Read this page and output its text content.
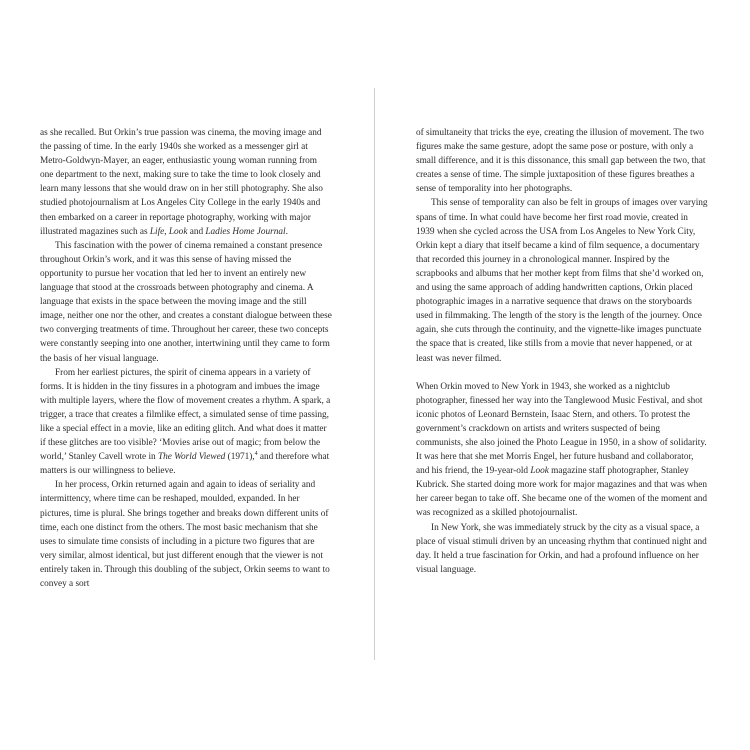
as she recalled. But Orkin’s true passion was cinema, the moving image and the passing of time. In the early 1940s she worked as a messenger girl at Metro-Goldwyn-Mayer, an eager, enthusiastic young woman running from one department to the next, making sure to take the time to look closely and learn many lessons that she would draw on in her still photography. She also studied photojournalism at Los Angeles City College in the early 1940s and then embarked on a career in reportage photography, working with major illustrated magazines such as Life, Look and Ladies Home Journal.

This fascination with the power of cinema remained a constant presence throughout Orkin’s work, and it was this sense of having missed the opportunity to pursue her vocation that led her to invent an entirely new language that stood at the crossroads between photography and cinema. A language that exists in the space between the moving image and the still image, neither one nor the other, and creates a constant dialogue between these two converging treatments of time. Throughout her career, these two concepts were constantly seeping into one another, intertwining until they came to form the basis of her visual language.

From her earliest pictures, the spirit of cinema appears in a variety of forms. It is hidden in the tiny fissures in a photogram and imbues the image with multiple layers, where the flow of movement creates a rhythm. A spark, a trigger, a trace that creates a filmlike effect, a simulated sense of time passing, like a special effect in a movie, like an editing glitch. And what does it matter if these glitches are too visible? ‘Movies arise out of magic; from below the world,’ Stanley Cavell wrote in The World Viewed (1971),$^4$ and therefore what matters is our willingness to believe.

In her process, Orkin returned again and again to ideas of seriality and intermittency, where time can be reshaped, moulded, expanded. In her pictures, time is plural. She brings together and breaks down different units of time, each one distinct from the others. The most basic mechanism that she uses to simulate time consists of including in a picture two figures that are very similar, almost identical, but just different enough that the viewer is not entirely taken in. Through this doubling of the subject, Orkin seems to want to convey a sort

of simultaneity that tricks the eye, creating the illusion of movement. The two figures make the same gesture, adopt the same pose or posture, with only a small difference, and it is this dissonance, this small gap between the two, that creates a sense of time. The simple juxtaposition of these figures breathes a sense of temporality into her photographs.

This sense of temporality can also be felt in groups of images over varying spans of time. In what could have become her first road movie, created in 1939 when she cycled across the USA from Los Angeles to New York City, Orkin kept a diary that itself became a kind of film sequence, a documentary that recorded this journey in a chronological manner. Inspired by the scrapbooks and albums that her mother kept from films that she’d worked on, and using the same approach of adding handwritten captions, Orkin placed photographic images in a narrative sequence that draws on the storyboards used in filmmaking. The length of the story is the length of the journey. Once again, she cuts through the continuity, and the vignette-like images punctuate the space that is created, like stills from a movie that never happened, or at least was never filmed.

When Orkin moved to New York in 1943, she worked as a nightclub photographer, finessed her way into the Tanglewood Music Festival, and shot iconic photos of Leonard Bernstein, Isaac Stern, and others. To protest the government’s crackdown on artists and writers suspected of being communists, she also joined the Photo League in 1950, in a show of solidarity. It was here that she met Morris Engel, her future husband and collaborator, and his friend, the 19-year-old Look magazine staff photographer, Stanley Kubrick. She started doing more work for major magazines and that was when her career began to take off. She became one of the women of the moment and was recognized as a skilled photojournalist.

In New York, she was immediately struck by the city as a visual space, a place of visual stimuli driven by an unceasing rhythm that continued night and day. It held a true fascination for Orkin, and had a profound influence on her visual language.
